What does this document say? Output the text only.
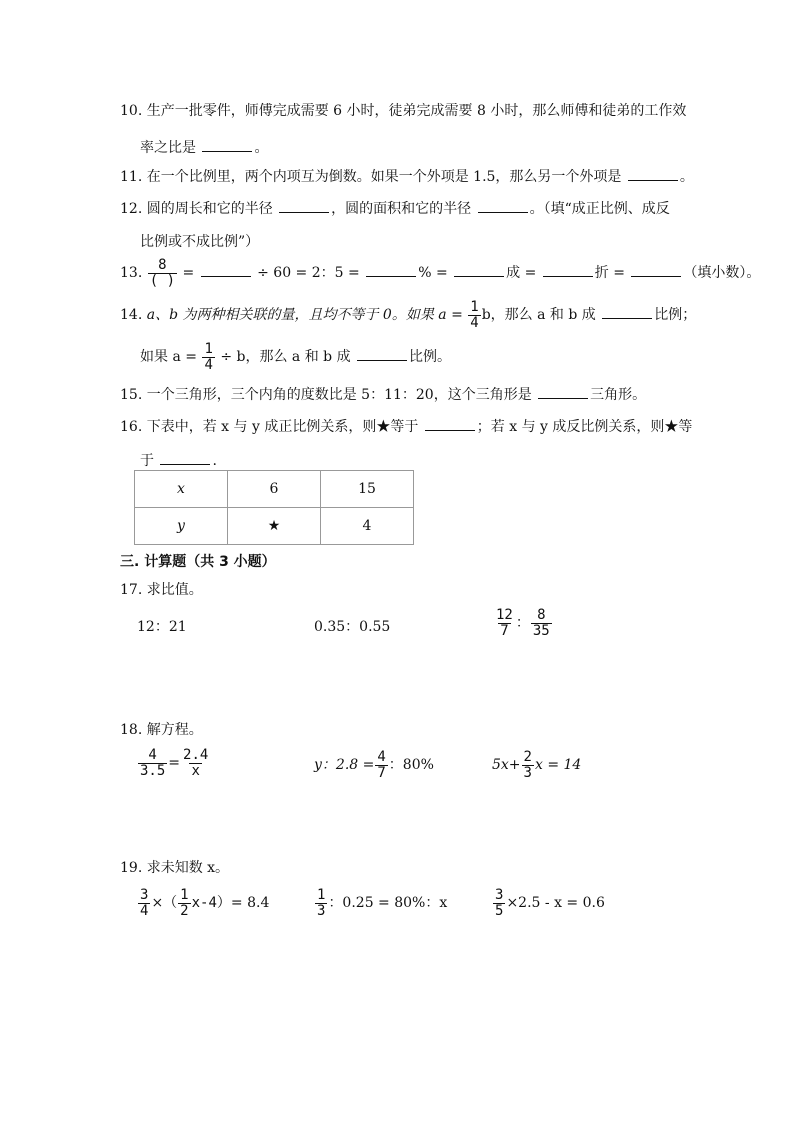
10. 生产一批零件，师傅完成需要 6 小时，徒弟完成需要 8 小时，那么师傅和徒弟的工作效
率之比是	。
11. 在一个比例里，两个内项互为倒数。如果一个外项是 1.5，那么另一个外项是	。
12. 圆的周长和它的半径	，圆的面积和它的半径	。（填“成正比例、成反
比例或不成比例”）
13. $\frac{8}{( )}$ =	÷ 60 = 2：5 =	% =	成 =	折 =	（填小数）。
14. a、b 为两种相关联的量，且均不等于 0。如果 $a = \frac{1}{4}$ b，那么 a 和 b 成	比例；
如果 $a = \frac{1}{4} \div b$，那么 a 和 b 成	比例。
15. 一个三角形，三个内角的度数比是 5：11：20，这个三角形是	三角形。
16. 下表中，若 x 与 y 成正比例关系，则★等于	；若 x 与 y 成反比例关系，则★等
于	.
x	6	15
y	★	4
三. 计算题（共 3 小题）
17. 求比值。
12：21	0.35：0.55	$\frac{12}{7}$ ： $\frac{8}{35}$
18. 解方程。
$\frac{4}{3.5} = \frac{2.4}{x}$	y：$2.8 = \frac{4}{7}$ ：80%	$5x+ \frac{2}{3}$ x = 14
19. 求未知数 x。
$\frac{3}{4}$ ×（ $\frac{1}{2} x-4)= 8.4$	$\frac{1}{3}$ ：0.25 = 80%：x	$\frac{3}{5} \times 2.5 - x = 0.6$
